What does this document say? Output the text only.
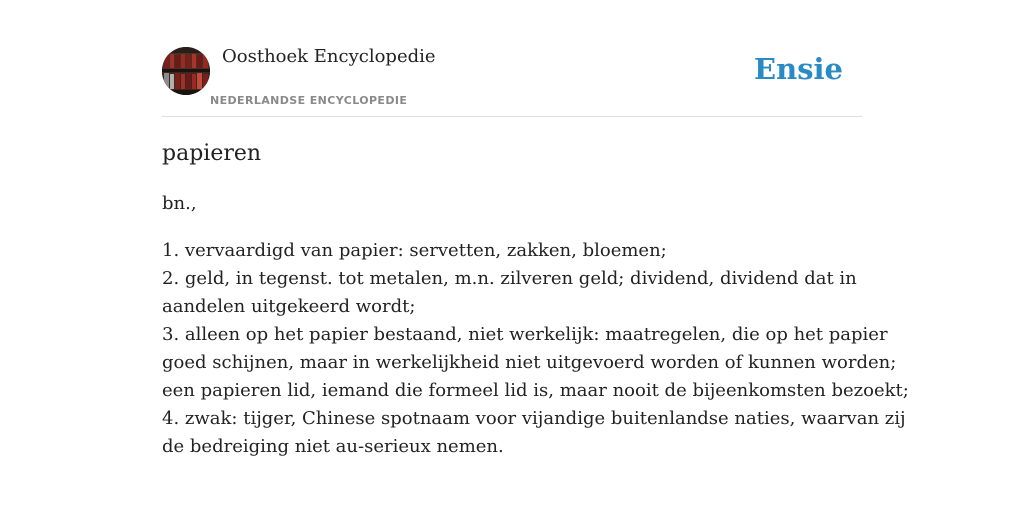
Oosthoek Encyclopedie
NEDERLANDSE ENCYCLOPEDIE
Ensie
papieren

bn.,

1. vervaardigd van papier: servetten, zakken, bloemen;
2. geld, in tegenst. tot metalen, m.n. zilveren geld; dividend, dividend dat in
aandelen uitgekeerd wordt;
3. alleen op het papier bestaand, niet werkelijk: maatregelen, die op het papier
goed schijnen, maar in werkelijkheid niet uitgevoerd worden of kunnen worden;
een papieren lid, iemand die formeel lid is, maar nooit de bijeenkomsten bezoekt;
4. zwak: tijger, Chinese spotnaam voor vijandige buitenlandse naties, waarvan zij
de bedreiging niet au-serieux nemen.
